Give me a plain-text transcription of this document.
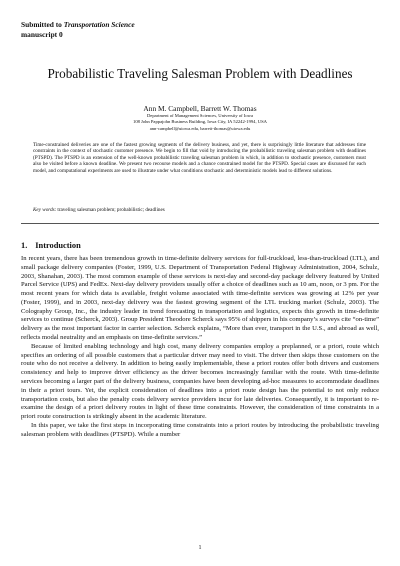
Submitted to Transportation Science
manuscript 0
Probabilistic Traveling Salesman Problem with Deadlines
Ann M. Campbell, Barrett W. Thomas
Department of Management Sciences, University of Iowa
108 John Pappajohn Business Building, Iowa City, IA 52242-1994, USA
ann-campbell@uiowa.edu, barrett-thomas@uiowa.edu
Time-constrained deliveries are one of the fastest growing segments of the delivery business, and yet, there is surprisingly little literature that addresses time constraints in the context of stochastic customer presence. We begin to fill that void by introducing the probabilistic traveling salesman problem with deadlines (PTSPD). The PTSPD is an extension of the well-known probabilistic traveling salesman problem in which, in addition to stochastic presence, customers must also be visited before a known deadline. We present two recourse models and a chance constrained model for the PTSPD. Special cases are discussed for each model, and computational experiments are used to illustrate under what conditions stochastic and deterministic models lead to different solutions.
Key words: traveling salesman problem; probabilistic; deadlines
1. Introduction

In recent years, there has been tremendous growth in time-definite delivery services for full-truckload, less-than-truckload (LTL), and small package delivery companies (Foster, 1999, U.S. Department of Transportation Federal Highway Administration, 2004, Schulz, 2003, Shanahan, 2003). The most common example of these services is next-day and second-day package delivery featured by United Parcel Service (UPS) and FedEx. Next-day delivery providers usually offer a choice of deadlines such as 10 am, noon, or 3 pm. For the most recent years for which data is available, freight volume associated with time-definite services was growing at 12% per year (Foster, 1999), and in 2003, next-day delivery was the fastest growing segment of the LTL trucking market (Schulz, 2003). The Colography Group, Inc., the industry leader in trend forecasting in transportation and logistics, expects this growth in time-definite services to continue (Scherck, 2003). Group President Theodore Scherck says 95% of shippers in his company’s surveys cite “on-time” delivery as the most important factor in carrier selection. Scherck explains, “More than ever, transport in the U.S., and abroad as well, reflects modal neutrality and an emphasis on time-definite services.”

Because of limited enabling technology and high cost, many delivery companies employ a preplanned, or a priori, route which specifies an ordering of all possible customers that a particular driver may need to visit. The driver then skips those customers on the route who do not receive a delivery. In addition to being easily implementable, these a priori routes offer both drivers and customers consistency and help to improve driver efficiency as the driver becomes increasingly familiar with the route. With time-definite services becoming a larger part of the delivery business, companies have been developing ad-hoc measures to accommodate deadlines in their a priori tours. Yet, the explicit consideration of deadlines into a priori route design has the potential to not only reduce transportation costs, but also the penalty costs delivery service providers incur for late deliveries. Consequently, it is important to re-examine the design of a priori delivery routes in light of these time constraints. However, the consideration of time constraints in a priori route construction is strikingly absent in the academic literature.

In this paper, we take the first steps in incorporating time constraints into a priori routes by introducing the probabilistic traveling salesman problem with deadlines (PTSPD). While a number

1
